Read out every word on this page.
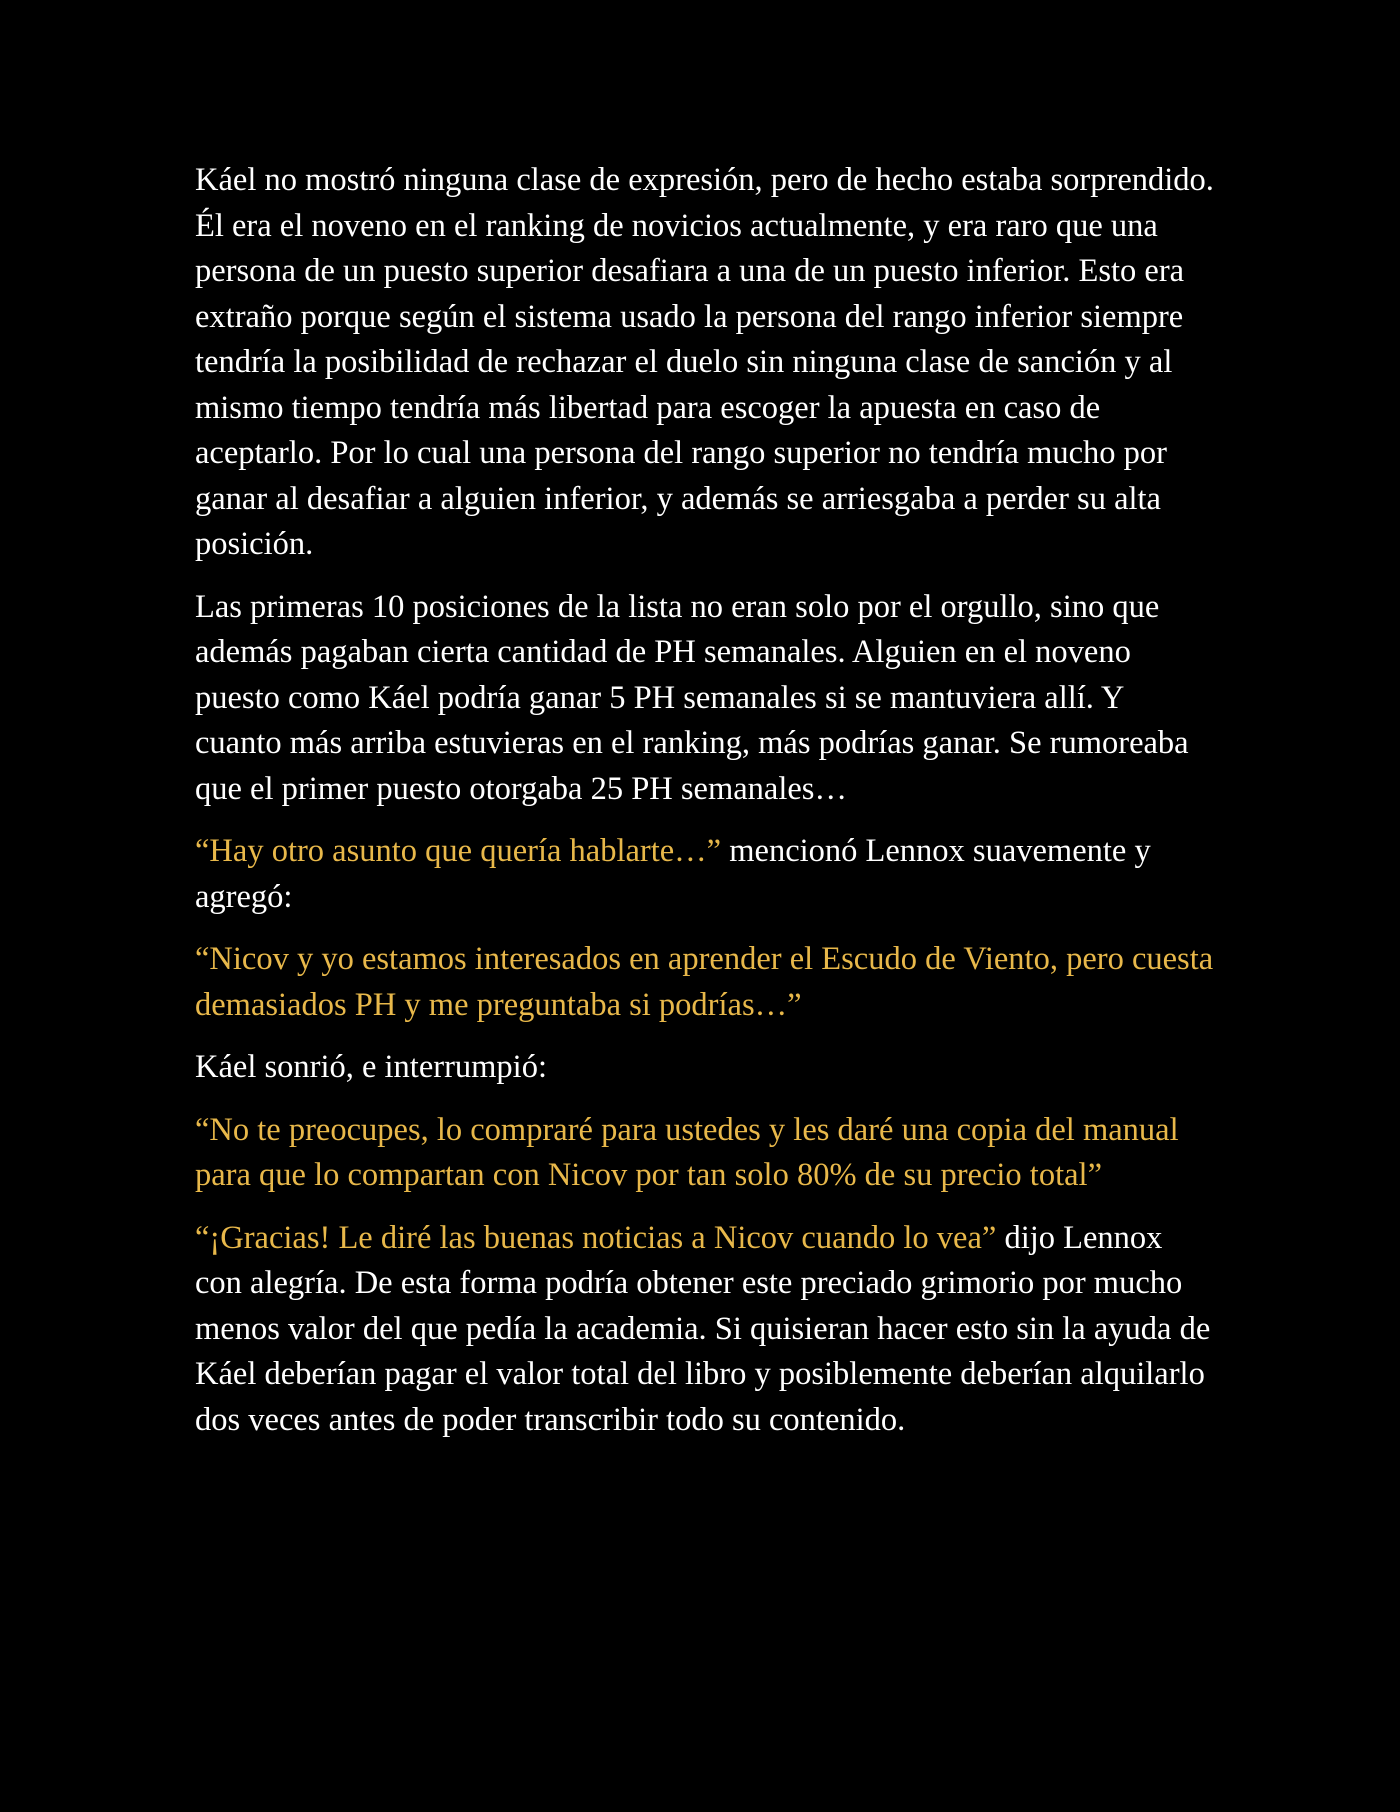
Káel no mostró ninguna clase de expresión, pero de hecho estaba sorprendido. Él era el noveno en el ranking de novicios actualmente, y era raro que una persona de un puesto superior desafiara a una de un puesto inferior. Esto era extraño porque según el sistema usado la persona del rango inferior siempre tendría la posibilidad de rechazar el duelo sin ninguna clase de sanción y al mismo tiempo tendría más libertad para escoger la apuesta en caso de aceptarlo. Por lo cual una persona del rango superior no tendría mucho por ganar al desafiar a alguien inferior, y además se arriesgaba a perder su alta posición.

Las primeras 10 posiciones de la lista no eran solo por el orgullo, sino que además pagaban cierta cantidad de PH semanales. Alguien en el noveno puesto como Káel podría ganar 5 PH semanales si se mantuviera allí. Y cuanto más arriba estuvieras en el ranking, más podrías ganar. Se rumoreaba que el primer puesto otorgaba 25 PH semanales…

“Hay otro asunto que quería hablarte…” mencionó Lennox suavemente y agregó:

“Nicov y yo estamos interesados en aprender el Escudo de Viento, pero cuesta demasiados PH y me preguntaba si podrías…”

Káel sonrió, e interrumpió:

“No te preocupes, lo compraré para ustedes y les daré una copia del manual para que lo compartan con Nicov por tan solo 80% de su precio total”

“¡Gracias! Le diré las buenas noticias a Nicov cuando lo vea” dijo Lennox con alegría. De esta forma podría obtener este preciado grimorio por mucho menos valor del que pedía la academia. Si quisieran hacer esto sin la ayuda de Káel deberían pagar el valor total del libro y posiblemente deberían alquilarlo dos veces antes de poder transcribir todo su contenido.
